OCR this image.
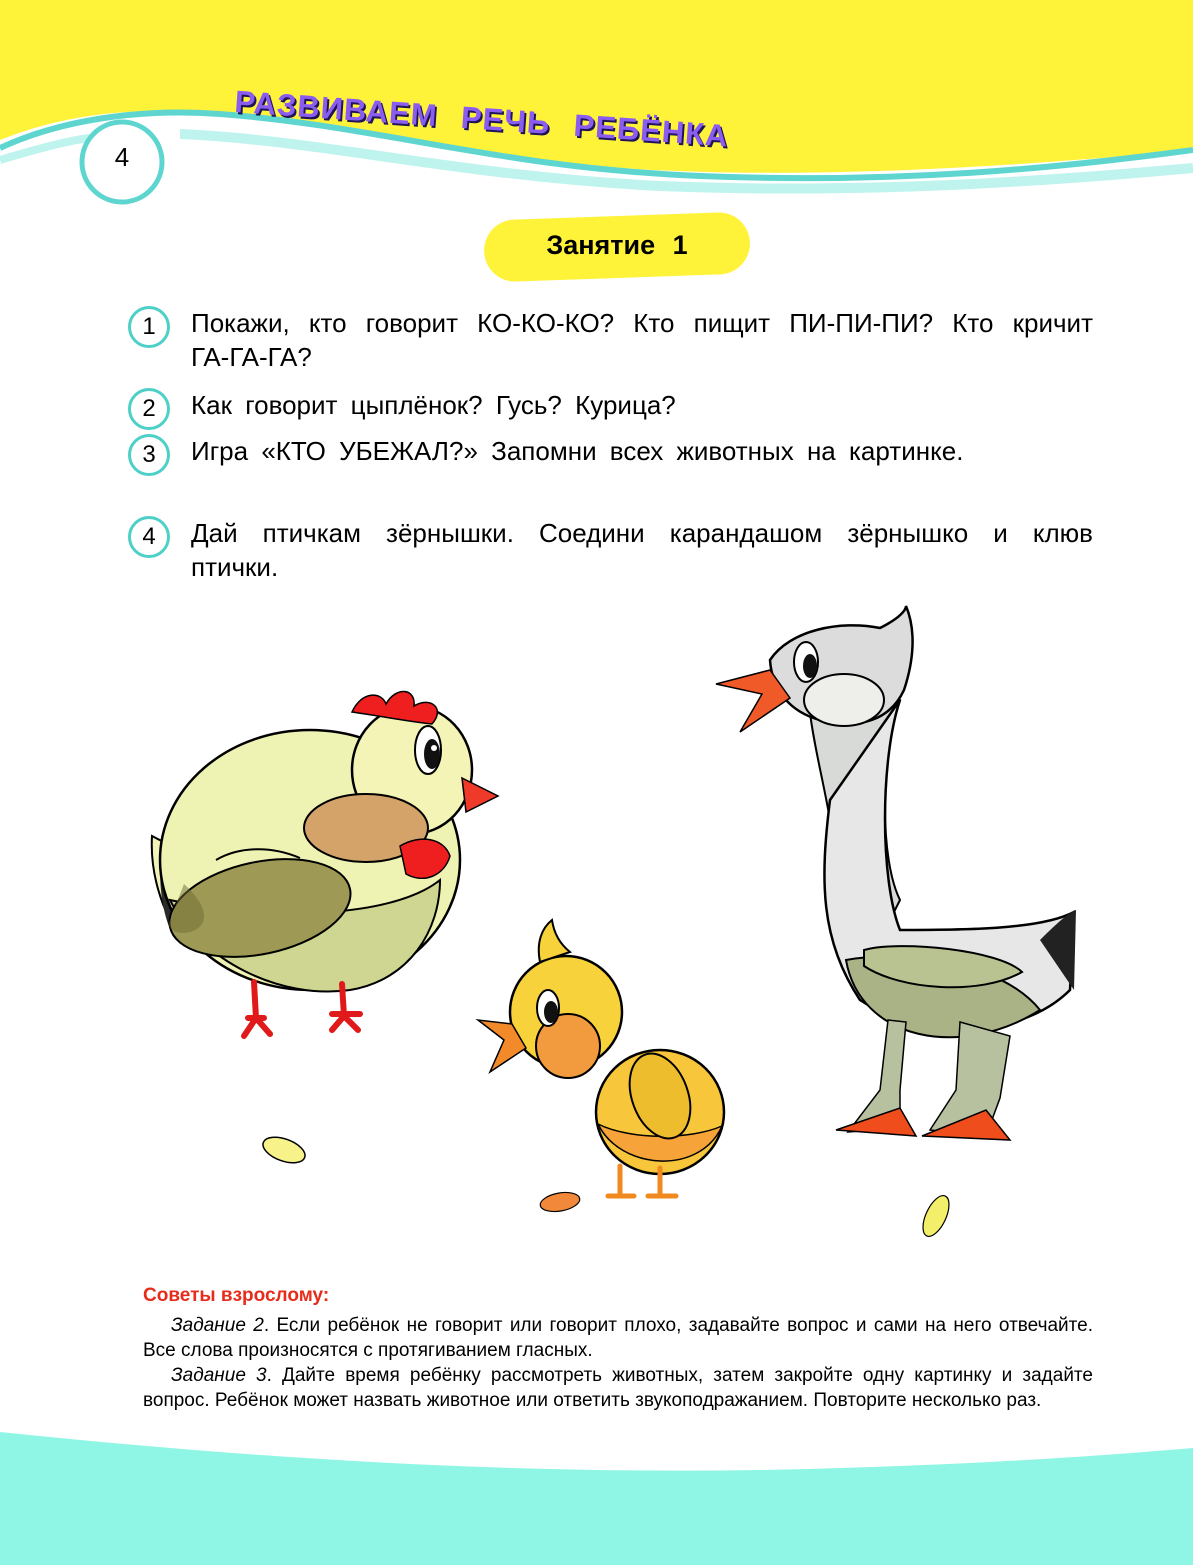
4
РАЗВИВАЕМ РЕЧЬ РЕБЁНКА
Занятие 1
1	Покажи, кто говорит КО-КО-КО? Кто пищит ПИ-ПИ-ПИ? Кто кричит ГА-ГА-ГА?
2	Как говорит цыплёнок? Гусь? Курица?
3	Игра «КТО УБЕЖАЛ?» Запомни всех животных на картинке.
4	Дай птичкам зёрнышки. Соедини карандашом зёрнышко и клюв птички.
Советы взрослому:

Задание 2. Если ребёнок не говорит или говорит плохо, задавайте вопрос и сами на него отвечайте. Все слова произносятся с протягиванием гласных.

Задание 3. Дайте время ребёнку рассмотреть животных, затем закройте одну картинку и задайте вопрос. Ребёнок может назвать животное или ответить звукоподражанием. Повторите несколько раз.
